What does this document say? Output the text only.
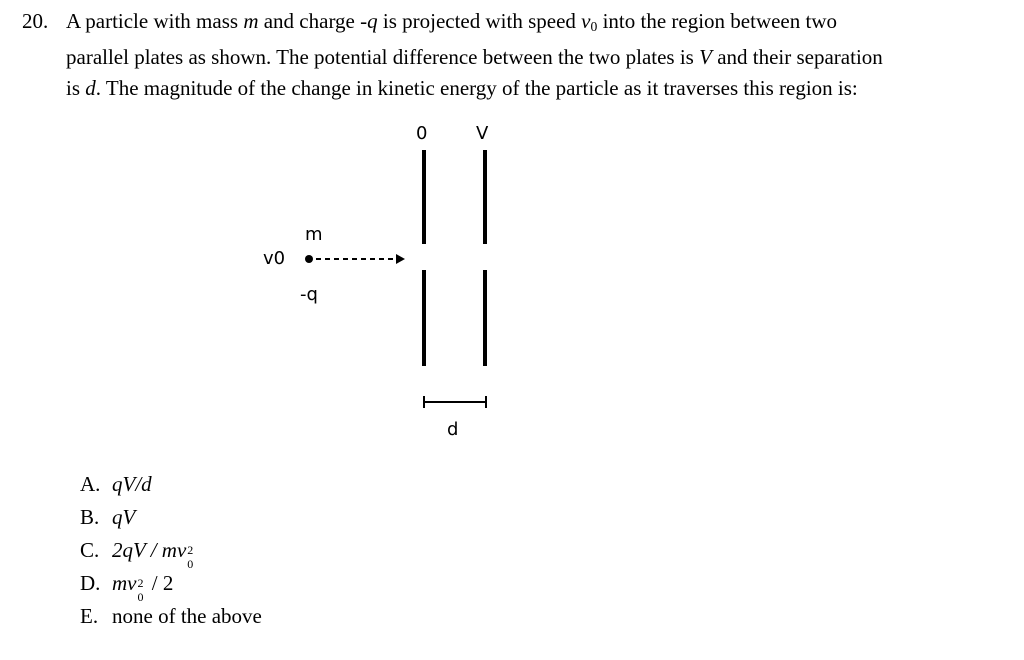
20. A particle with mass m and charge -q is projected with speed $v_0$ into the region between two

parallel plates as shown. The potential difference between the two plates is V and their separation

is d. The magnitude of the change in kinetic energy of the particle as it traverses this region is:

0	V
m
v0
-q
d
A. qV/d
B. qV
C. 2qV / mv 2
0
D. mv 2
0
/ 2
E. none of the above
